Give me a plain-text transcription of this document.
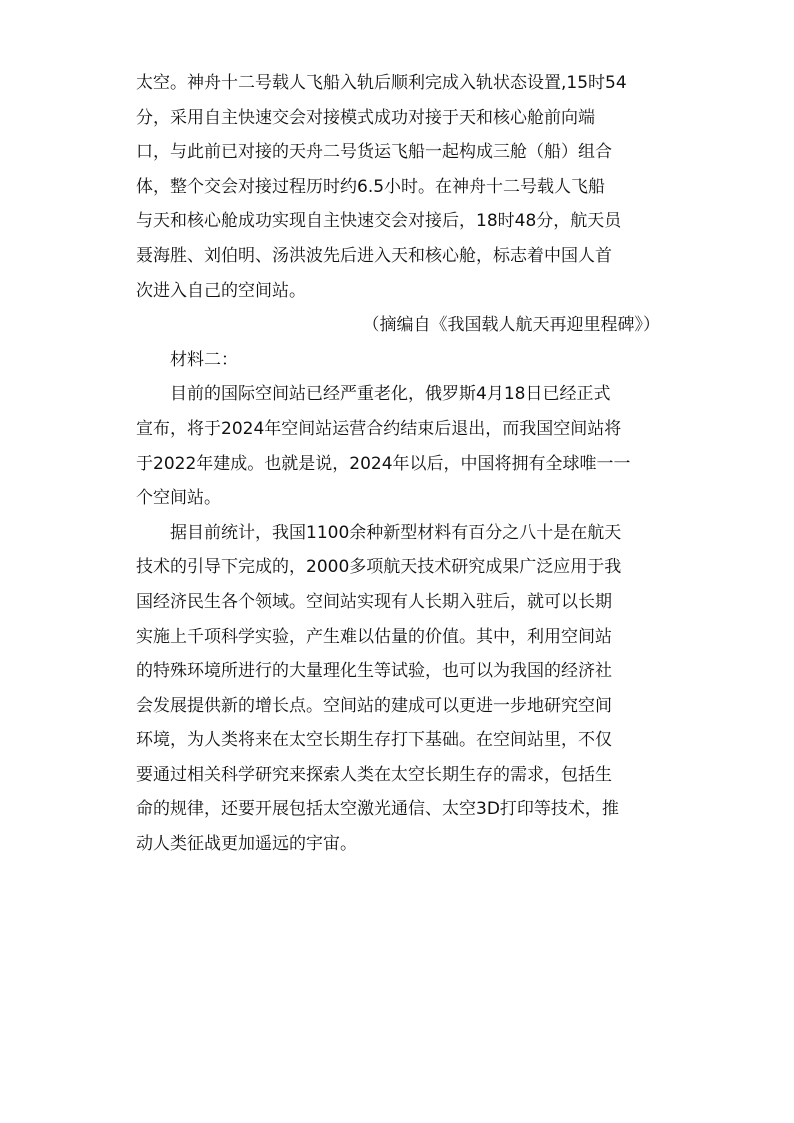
太空。神舟十二号载人飞船入轨后顺利完成入轨状态设置,15时54
分，采用自主快速交会对接模式成功对接于天和核心舱前向端
口，与此前已对接的天舟二号货运飞船一起构成三舱（船）组合
体，整个交会对接过程历时约6.5小时。在神舟十二号载人飞船
与天和核心舱成功实现自主快速交会对接后，18时48分，航天员
聂海胜、刘伯明、汤洪波先后进入天和核心舱，标志着中国人首
次进入自己的空间站。
（摘编自《我国载人航天再迎里程碑》）
材料二：
目前的国际空间站已经严重老化，俄罗斯4月18日已经正式
宣布，将于2024年空间站运营合约结束后退出，而我国空间站将
于2022年建成。也就是说，2024年以后，中国将拥有全球唯一一
个空间站。
据目前统计，我国1100余种新型材料有百分之八十是在航天
技术的引导下完成的，2000多项航天技术研究成果广泛应用于我
国经济民生各个领域。空间站实现有人长期入驻后，就可以长期
实施上千项科学实验，产生难以估量的价值。其中，利用空间站
的特殊环境所进行的大量理化生等试验，也可以为我国的经济社
会发展提供新的增长点。空间站的建成可以更进一步地研究空间
环境，为人类将来在太空长期生存打下基础。在空间站里，不仅
要通过相关科学研究来探索人类在太空长期生存的需求，包括生
命的规律，还要开展包括太空激光通信、太空3D打印等技术，推
动人类征战更加遥远的宇宙。
